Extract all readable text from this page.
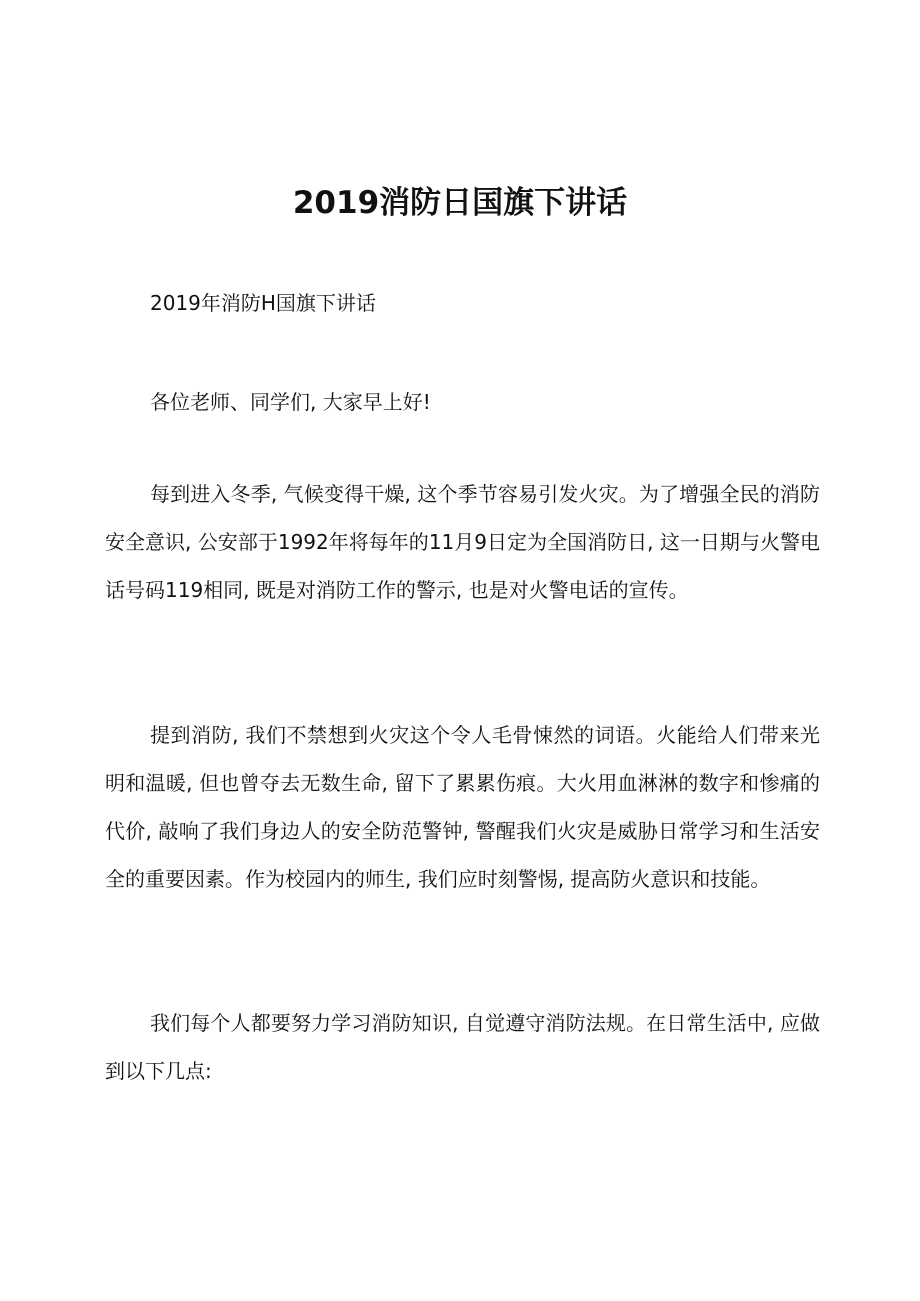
2019消防日国旗下讲话

2019年消防H国旗下讲话

各位老师、同学们, 大家早上好!

每到进入冬季, 气候变得干燥, 这个季节容易引发火灾。为了增强全民的消防安全意识, 公安部于1992年将每年的11月9日定为全国消防日, 这一日期与火警电话号码119相同, 既是对消防工作的警示, 也是对火警电话的宣传。

提到消防, 我们不禁想到火灾这个令人毛骨悚然的词语。火能给人们带来光明和温暖, 但也曾夺去无数生命, 留下了累累伤痕。大火用血淋淋的数字和惨痛的代价, 敲响了我们身边人的安全防范警钟, 警醒我们火灾是威胁日常学习和生活安全的重要因素。作为校园内的师生, 我们应时刻警惕, 提高防火意识和技能。

我们每个人都要努力学习消防知识, 自觉遵守消防法规。在日常生活中, 应做到以下几点:
